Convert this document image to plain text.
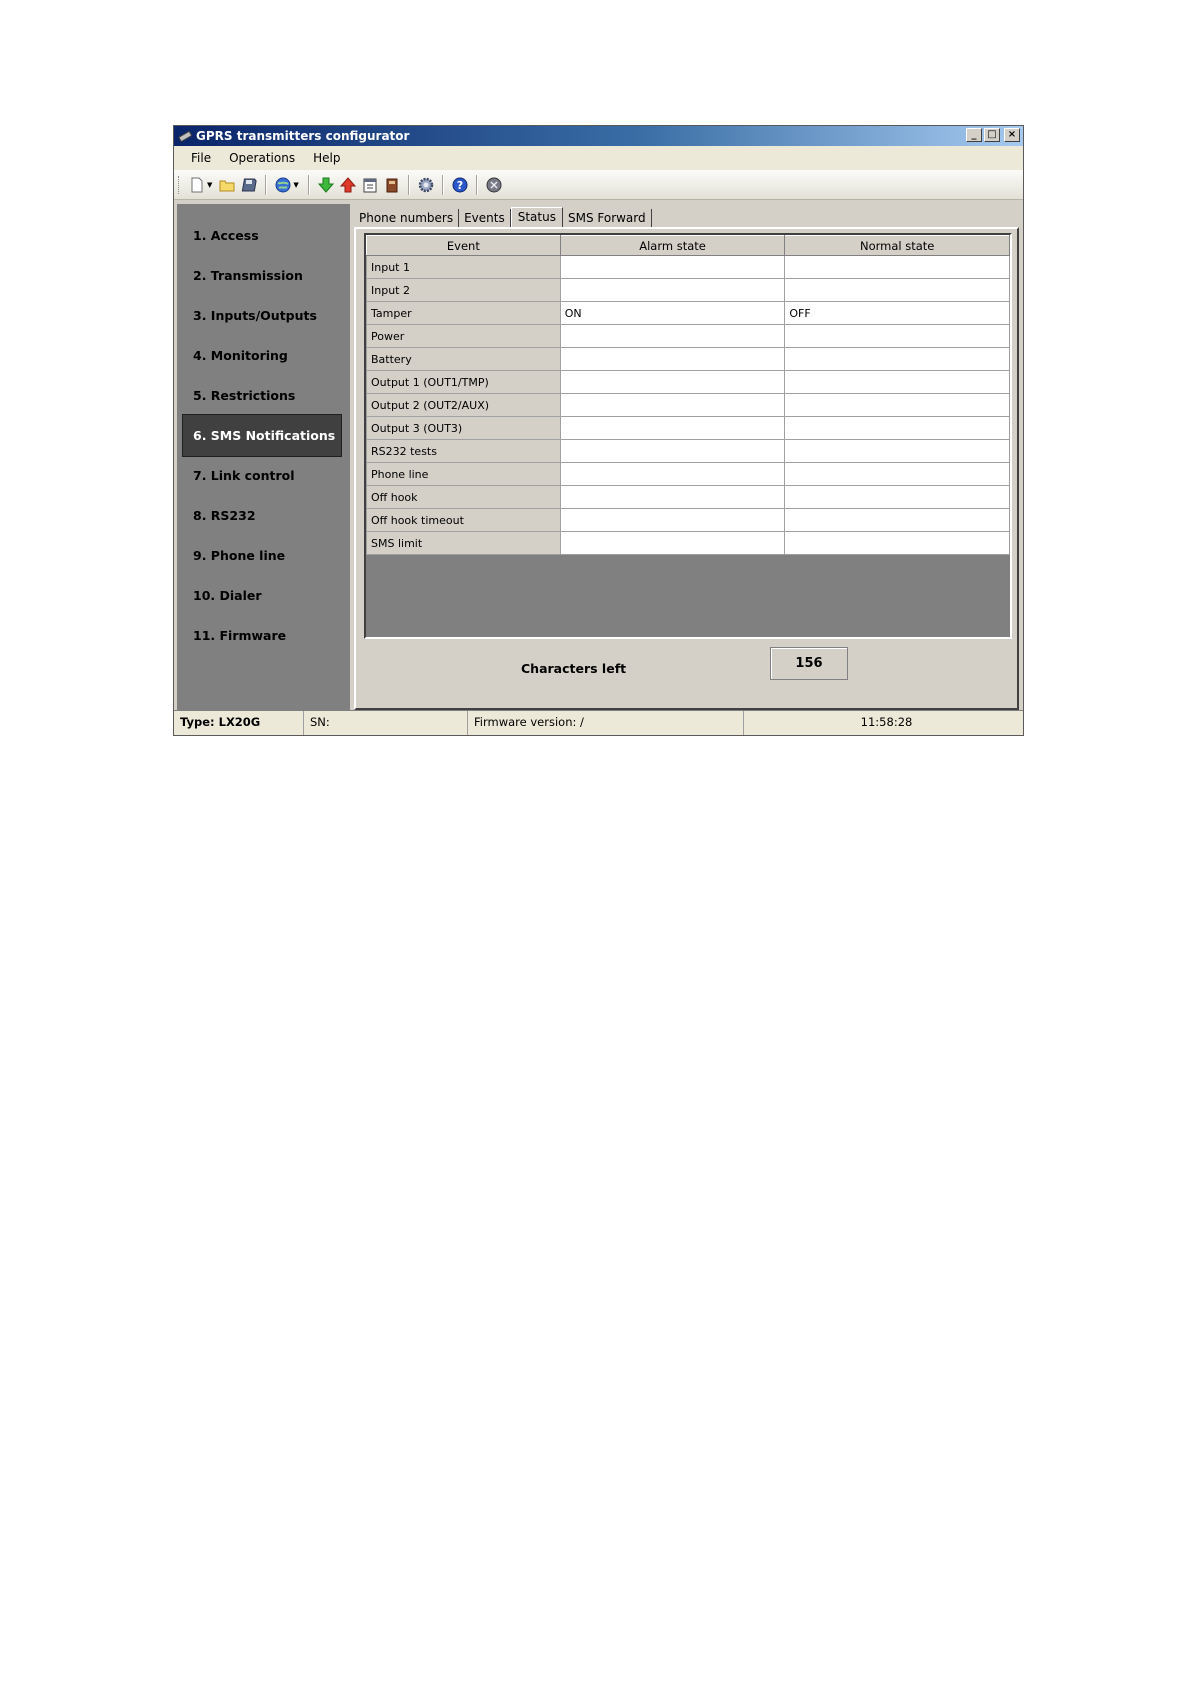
GPRS transmitters configurator	_	□	×
File	Operations	Help
▼	▼	?
1. Access
2. Transmission
3. Inputs/Outputs
4. Monitoring
5. Restrictions
6. SMS Notifications
7. Link control
8. RS232
9. Phone line
10. Dialer
11. Firmware
Phone numbers Events	Status	SMS Forward
Event	Alarm state	Normal state
Input 1		
Input 2		
Tamper	ON	OFF
Power		
Battery		
Output 1 (OUT1/TMP)		
Output 2 (OUT2/AUX)		
Output 3 (OUT3)		
RS232 tests		
Phone line		
Off hook		
Off hook timeout		
SMS limit		
Characters left	156
Type: LX20G	SN:	Firmware version: /	11:58:28
